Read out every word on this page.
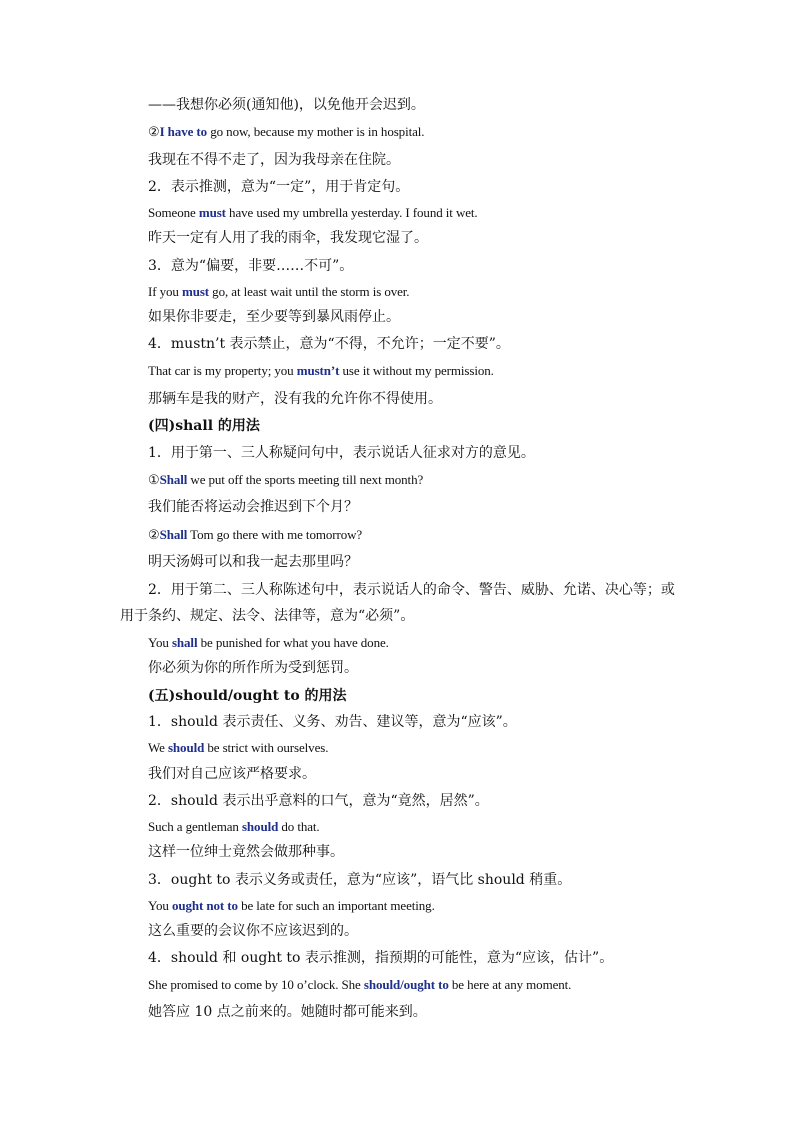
——我想你必须(通知他)，以免他开会迟到。
②I have to go now, because my mother is in hospital.
我现在不得不走了，因为我母亲在住院。
2．表示推测，意为“一定”，用于肯定句。
Someone must have used my umbrella yesterday. I found it wet.
昨天一定有人用了我的雨伞，我发现它湿了。
3．意为“偏要，非要……不可”。
If you must go, at least wait until the storm is over.
如果你非要走，至少要等到暴风雨停止。
4．mustn’t 表示禁止，意为“不得，不允许；一定不要”。
That car is my property; you mustn’t use it without my permission.
那辆车是我的财产，没有我的允许你不得使用。
(四)shall 的用法
1．用于第一、三人称疑问句中，表示说话人征求对方的意见。
①Shall we put off the sports meeting till next month?
我们能否将运动会推迟到下个月？
②Shall Tom go there with me tomorrow?
明天汤姆可以和我一起去那里吗？
2．用于第二、三人称陈述句中，表示说话人的命令、警告、威胁、允诺、决心等；或
用于条约、规定、法令、法律等，意为“必须”。
You shall be punished for what you have done.
你必须为你的所作所为受到惩罚。
(五)should/ought to 的用法
1．should 表示责任、义务、劝告、建议等，意为“应该”。
We should be strict with ourselves.
我们对自己应该严格要求。
2．should 表示出乎意料的口气，意为“竟然，居然”。
Such a gentleman should do that.
这样一位绅士竟然会做那种事。
3．ought to 表示义务或责任，意为“应该”，语气比 should 稍重。
You ought not to be late for such an important meeting.
这么重要的会议你不应该迟到的。
4．should 和 ought to 表示推测，指预期的可能性，意为“应该，估计”。
She promised to come by 10 o’clock. She should/ought to be here at any moment.
她答应 10 点之前来的。她随时都可能来到。
